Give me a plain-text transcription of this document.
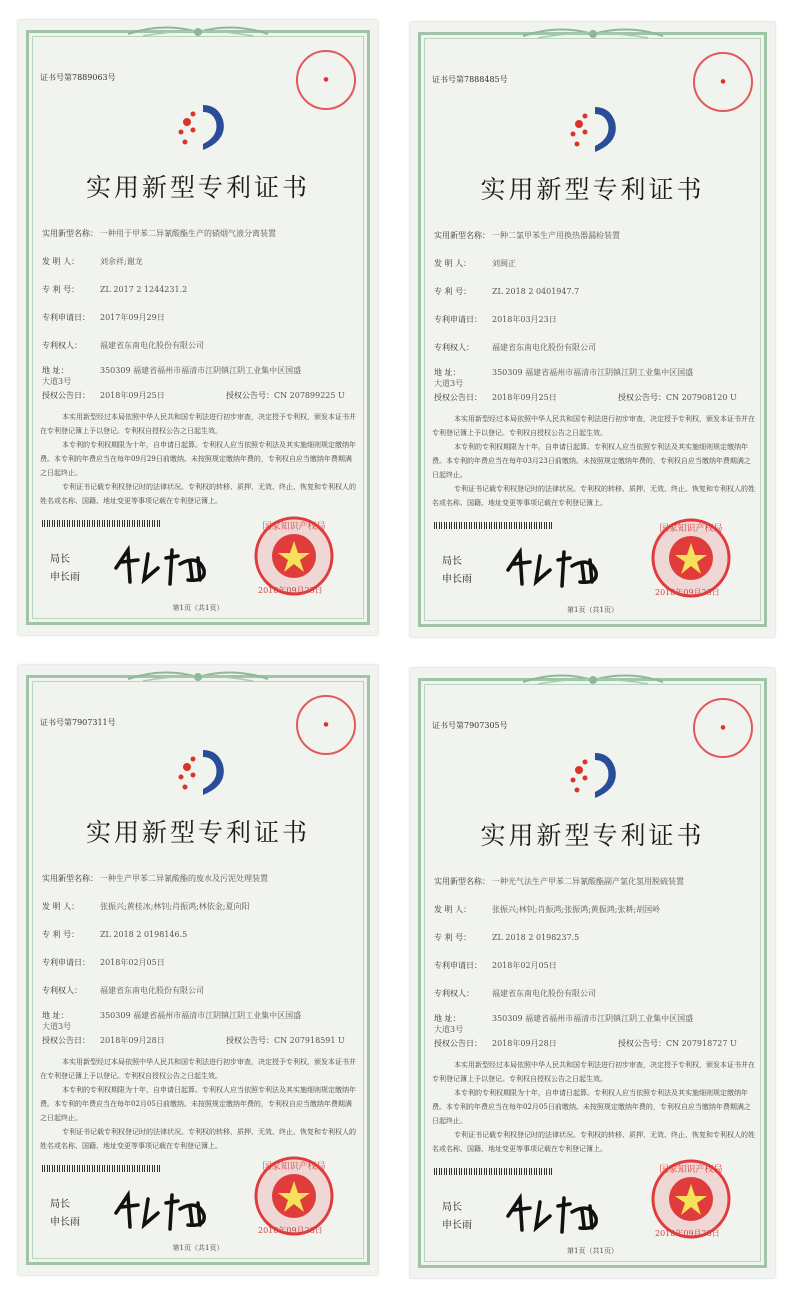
证书号第7889063号	●
实用新型专利证书
实用新型名称： 一种用于甲苯二异氰酸酯生产的硝烟气液分离装置
发 明 人：	刘余祥;谢龙
专 利 号：	ZL 2017 2 1244231.2
专利申请日： 2017年09月29日
专利权人： 福建省东南电化股份有限公司
地 址：	350309 福建省福州市福清市江阴镇江阴工业集中区国盛大道3号
授权公告日： 2018年09月25日	授权公告号：CN 207899225 U
本实用新型经过本局依照中华人民共和国专利法进行初步审查，决定授予专利权，颁发本证书并在专利登记簿上予以登记。专利权自授权公告之日起生效。
本专利的专利权期限为十年，自申请日起算。专利权人应当依照专利法及其实施细则规定缴纳年费。本专利的年费应当在每年09月29日前缴纳。未按照规定缴纳年费的，专利权自应当缴纳年费期满之日起终止。
专利证书记载专利权登记时的法律状况。专利权的转移、质押、无效、终止、恢复和专利权人的姓名或名称、国籍、地址变更等事项记载在专利登记簿上。
局长
申长雨
国家知识产权局
2018年09月25日
第1页（共1页）
证书号第7888485号	●
实用新型专利证书
实用新型名称： 一种二氯甲苯生产用换热器漏检装置
发 明 人：	刘闽正
专 利 号：	ZL 2018 2 0401947.7
专利申请日： 2018年03月23日
专利权人： 福建省东南电化股份有限公司
地 址：	350309 福建省福州市福清市江阴镇江阴工业集中区国盛大道3号
授权公告日： 2018年09月25日	授权公告号：CN 207908120 U
本实用新型经过本局依照中华人民共和国专利法进行初步审查，决定授予专利权，颁发本证书并在专利登记簿上予以登记。专利权自授权公告之日起生效。
本专利的专利权期限为十年，自申请日起算。专利权人应当依照专利法及其实施细则规定缴纳年费。本专利的年费应当在每年03月23日前缴纳。未按照规定缴纳年费的，专利权自应当缴纳年费期满之日起终止。
专利证书记载专利权登记时的法律状况。专利权的转移、质押、无效、终止、恢复和专利权人的姓名或名称、国籍、地址变更等事项记载在专利登记簿上。
局长
申长雨
国家知识产权局
2018年09月25日
第1页（共1页）
证书号第7907311号	●
实用新型专利证书
实用新型名称： 一种生产甲苯二异氰酸酯的废水及污泥处理装置
发 明 人：	张振兴;黄桂冰;林钊;肖振鸿;林依金;夏向阳
专 利 号：	ZL 2018 2 0198146.5
专利申请日： 2018年02月05日
专利权人： 福建省东南电化股份有限公司
地 址：	350309 福建省福州市福清市江阴镇江阴工业集中区国盛大道3号
授权公告日： 2018年09月28日	授权公告号：CN 207918591 U
本实用新型经过本局依照中华人民共和国专利法进行初步审查，决定授予专利权，颁发本证书并在专利登记簿上予以登记。专利权自授权公告之日起生效。
本专利的专利权期限为十年，自申请日起算。专利权人应当依照专利法及其实施细则规定缴纳年费。本专利的年费应当在每年02月05日前缴纳。未按照规定缴纳年费的，专利权自应当缴纳年费期满之日起终止。
专利证书记载专利权登记时的法律状况。专利权的转移、质押、无效、终止、恢复和专利权人的姓名或名称、国籍、地址变更等事项记载在专利登记簿上。
局长
申长雨
国家知识产权局
2018年09月28日
第1页（共1页）
证书号第7907305号	●
实用新型专利证书
实用新型名称： 一种光气法生产甲苯二异氰酸酯副产氯化氢用脱硫装置
发 明 人：	张振兴;林钊;肖振鸿;张振鸿;黄振鸿;张耕;胡国岭
专 利 号：	ZL 2018 2 0198237.5
专利申请日： 2018年02月05日
专利权人： 福建省东南电化股份有限公司
地 址：	350309 福建省福州市福清市江阴镇江阴工业集中区国盛大道3号
授权公告日： 2018年09月28日	授权公告号：CN 207918727 U
本实用新型经过本局依照中华人民共和国专利法进行初步审查，决定授予专利权，颁发本证书并在专利登记簿上予以登记。专利权自授权公告之日起生效。
本专利的专利权期限为十年，自申请日起算。专利权人应当依照专利法及其实施细则规定缴纳年费。本专利的年费应当在每年02月05日前缴纳。未按照规定缴纳年费的，专利权自应当缴纳年费期满之日起终止。
专利证书记载专利权登记时的法律状况。专利权的转移、质押、无效、终止、恢复和专利权人的姓名或名称、国籍、地址变更等事项记载在专利登记簿上。
局长
申长雨
国家知识产权局
2018年09月28日
第1页（共1页）
